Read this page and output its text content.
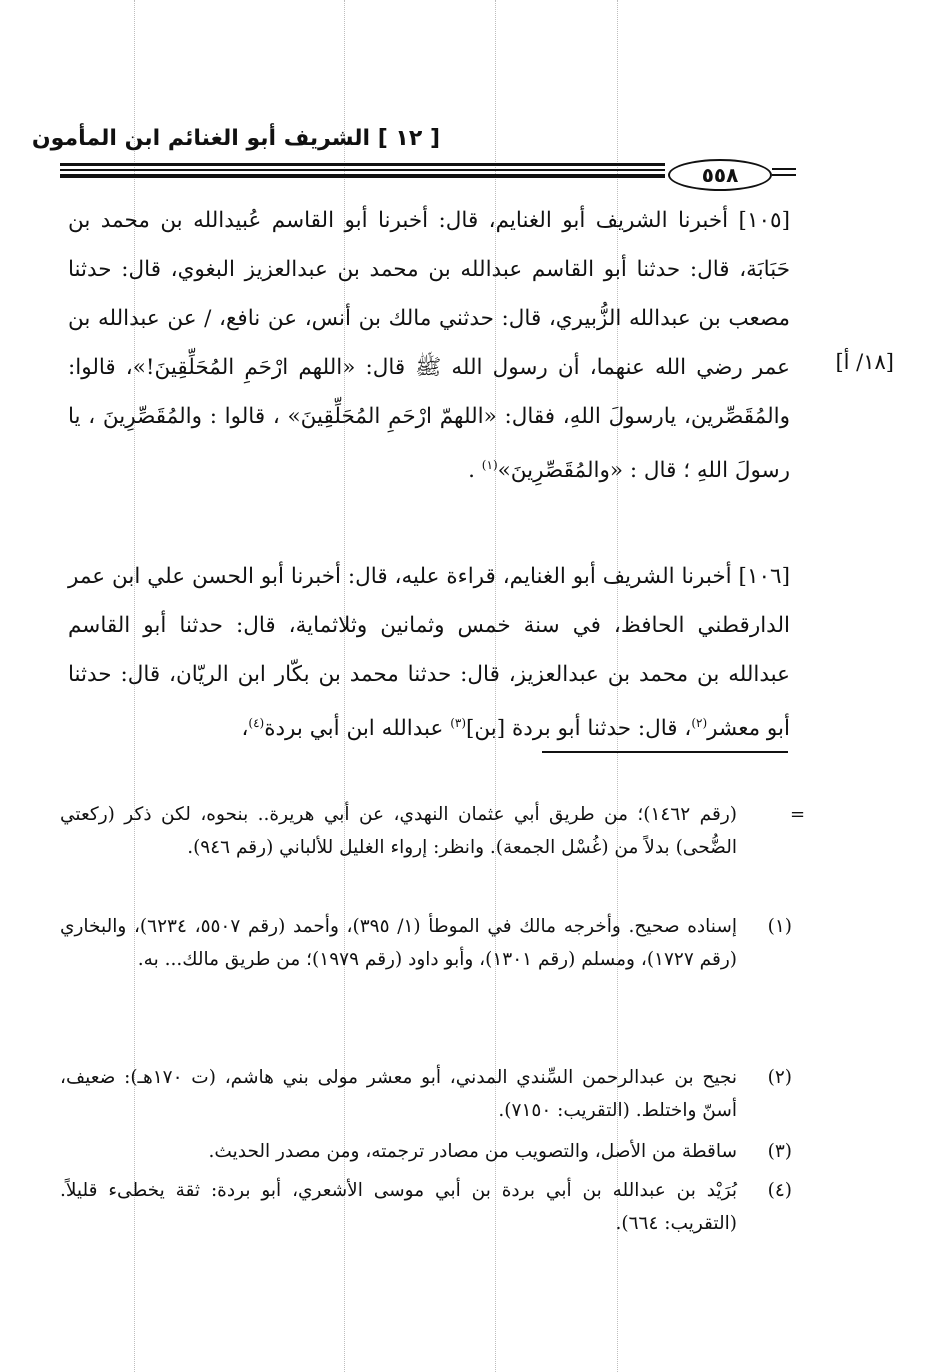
[ ١٢ ] الشريف أبو الغنائم ابن المأمون
٥٥٨
[١٨/ أ]
[١٠٥] أخبرنا الشريف أبو الغنايم، قال: أخبرنا أبو القاسم عُبيدالله بن محمد بن حَبَابَة، قال: حدثنا أبو القاسم عبدالله بن محمد بن عبدالعزيز البغوي، قال: حدثنا مصعب بن عبدالله الزُّبيري، قال: حدثني مالك بن أنس، عن نافع، / عن عبدالله بن عمر رضي الله عنهما، أن رسول الله ﷺ قال: «اللهم ارْحَمِ المُحَلِّقِينَ!»، قالوا: والمُقَصِّرين، يارسولَ اللهِ، فقال: «اللهمّ ارْحَمِ المُحَلِّقِينَ» ، قالوا : والمُقَصِّرِينَ ، يا رسولَ اللهِ ؛ قال : «والمُقَصِّرِينَ»$^{(١)}$ .
[١٠٦] أخبرنا الشريف أبو الغنايم، قراءة عليه، قال: أخبرنا أبو الحسن علي ابن عمر الدارقطني الحافظ، في سنة خمس وثمانين وثلاثماية، قال: حدثنا أبو القاسم عبدالله بن محمد بن عبدالعزيز، قال: حدثنا محمد بن بكّار ابن الريّان، قال: حدثنا أبو معشر$^{(٢)}$، قال: حدثنا أبو بردة [بن]$^{(٣)}$ عبدالله ابن أبي بردة$^{(٤)}$،
=
(رقم ١٤٦٢)؛ من طريق أبي عثمان النهدي، عن أبي هريرة.. بنحوه، لكن ذكر (ركعتي الضُّحى) بدلاً من (غُسْل الجمعة). وانظر: إرواء الغليل للألباني (رقم ٩٤٦).
(١)
إسناده صحيح. وأخرجه مالك في الموطأ (١/ ٣٩٥)، وأحمد (رقم ٥٥٠٧، ٦٢٣٤)، والبخاري (رقم ١٧٢٧)، ومسلم (رقم ١٣٠١)، وأبو داود (رقم ١٩٧٩)؛ من طريق مالك... به.
(٢)
نجيح بن عبدالرحمن السِّندي المدني، أبو معشر مولى بني هاشم، (ت ١٧٠هـ): ضعيف، أسنّ واختلط. (التقريب: ٧١٥٠).
(٣)
ساقطة من الأصل، والتصويب من مصادر ترجمته، ومن مصدر الحديث.
(٤)
بُرَيْد بن عبدالله بن أبي بردة بن أبي موسى الأشعري، أبو بردة: ثقة يخطىء قليلاً. (التقريب: ٦٦٤).
